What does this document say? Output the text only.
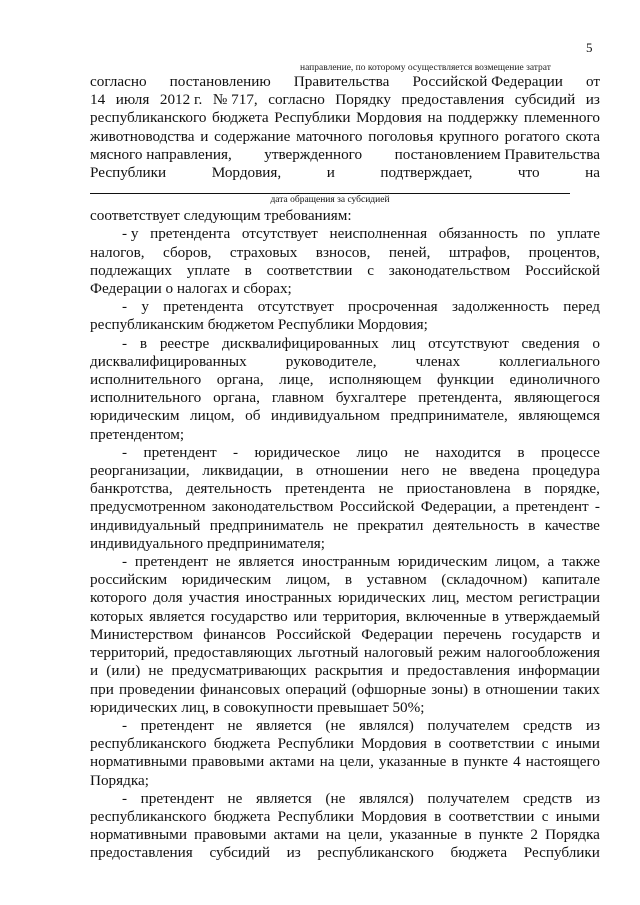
5
направление, по которому осуществляется возмещение затрат
согласно постановлению Правительства Российской Федерации от
14 июля 2012 г. № 717, согласно Порядку предоставления субсидий из
республиканского бюджета Республики Мордовия на поддержку племенного
животноводства и содержание маточного поголовья крупного рогатого скота
мясного направления, утвержденного постановлением Правительства
Республики	Мордовия,	и	подтверждает,	что	на
дата обращения за субсидией
соответствует следующим требованиям:
- у претендента отсутствует неисполненная обязанность по уплате
налогов, сборов, страховых взносов, пеней, штрафов, процентов,
подлежащих уплате в соответствии с законодательством Российской
Федерации о налогах и сборах;
- у претендента отсутствует просроченная задолженность перед
республиканским бюджетом Республики Мордовия;
- в реестре дисквалифицированных лиц отсутствуют сведения о
дисквалифицированных	руководителе,	членах	коллегиального
исполнительного органа, лице, исполняющем функции единоличного
исполнительного органа, главном бухгалтере претендента, являющегося
юридическим лицом, об индивидуальном предпринимателе, являющемся
претендентом;
- претендент - юридическое лицо не находится в процессе
реорганизации, ликвидации, в отношении него не введена процедура
банкротства, деятельность претендента не приостановлена в порядке,
предусмотренном законодательством Российской Федерации, а претендент -
индивидуальный предприниматель не прекратил деятельность в качестве
индивидуального предпринимателя;
- претендент не является иностранным юридическим лицом, а также
российским юридическим лицом, в уставном (складочном) капитале
которого доля участия иностранных юридических лиц, местом регистрации
которых является государство или территория, включенные в утверждаемый
Министерством финансов Российской Федерации перечень государств и
территорий, предоставляющих льготный налоговый режим налогообложения
и (или) не предусматривающих раскрытия и предоставления информации
при проведении финансовых операций (офшорные зоны) в отношении таких
юридических лиц, в совокупности превышает 50%;
- претендент не является (не являлся) получателем средств из
республиканского бюджета Республики Мордовия в соответствии с иными
нормативными правовыми актами на цели, указанные в пункте 4 настоящего
Порядка;
- претендент не является (не являлся) получателем средств из
республиканского бюджета Республики Мордовия в соответствии с иными
нормативными правовыми актами на цели, указанные в пункте 2 Порядка
предоставления субсидий из республиканского бюджета Республики
